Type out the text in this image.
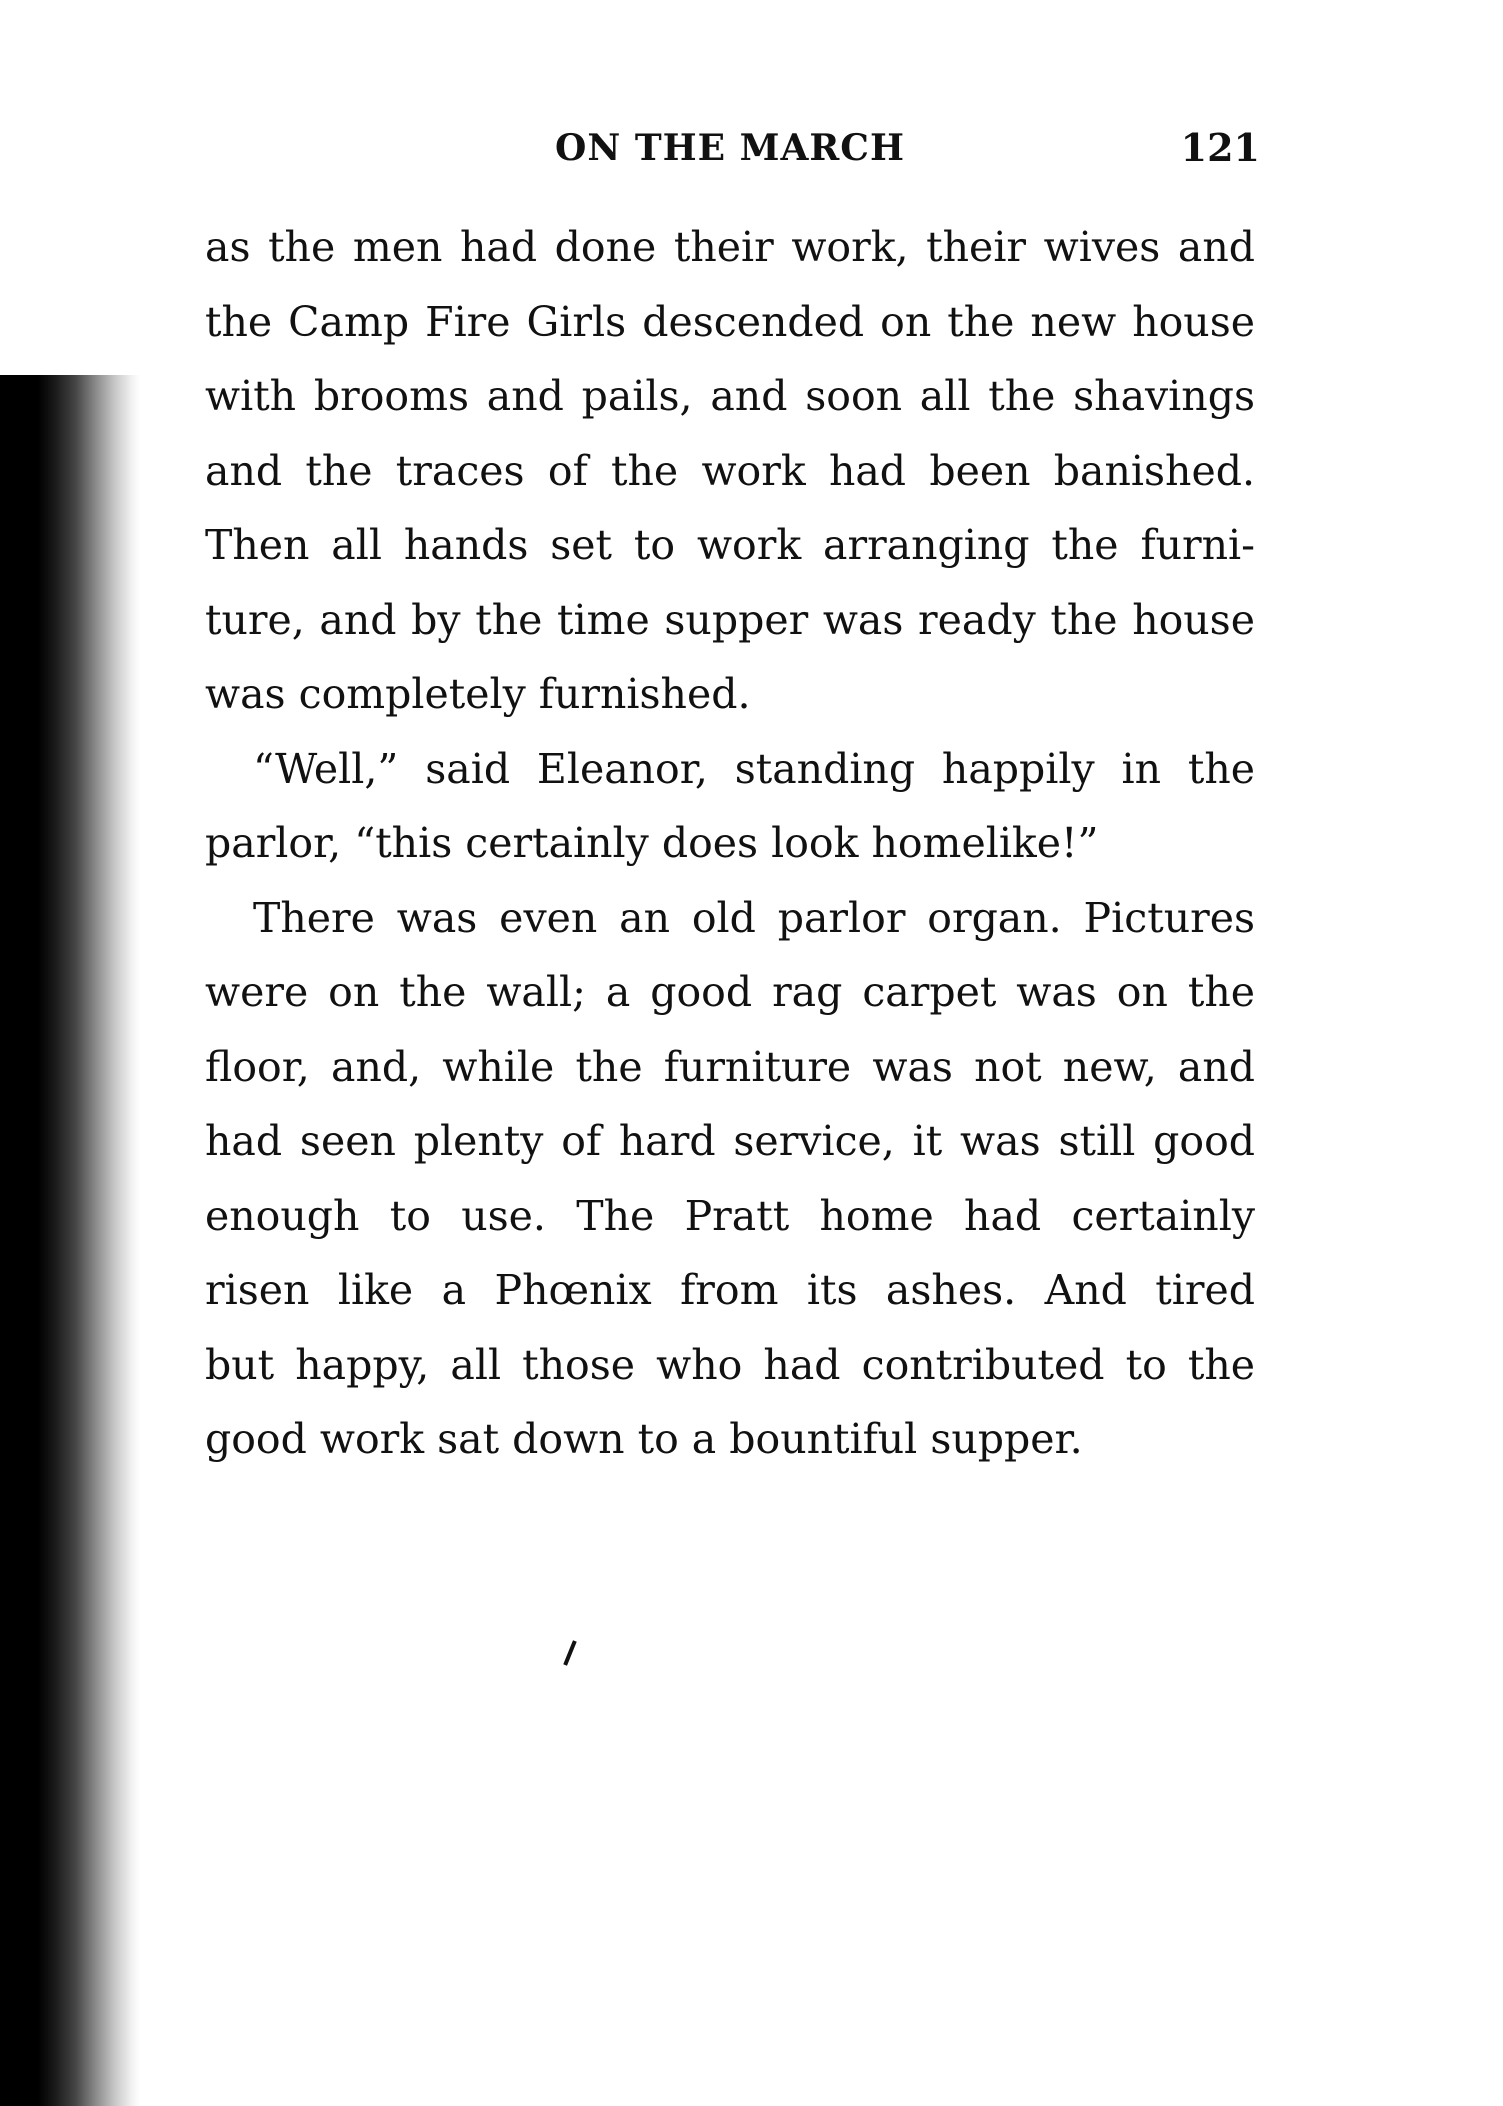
ON THE MARCH	121
as the men had done their work, their wives and
the Camp Fire Girls descended on the new house
with brooms and pails, and soon all the shavings
and the traces of the work had been banished.
Then all hands set to work arranging the furni-
ture, and by the time supper was ready the house
was completely furnished.
“Well,” said Eleanor, standing happily in the
parlor, “this certainly does look homelike!”
There was even an old parlor organ. Pictures
were on the wall; a good rag carpet was on the
floor, and, while the furniture was not new, and
had seen plenty of hard service, it was still good
enough to use. The Pratt home had certainly
risen like a Phœnix from its ashes. And tired
but happy, all those who had contributed to the
good work sat down to a bountiful supper.
